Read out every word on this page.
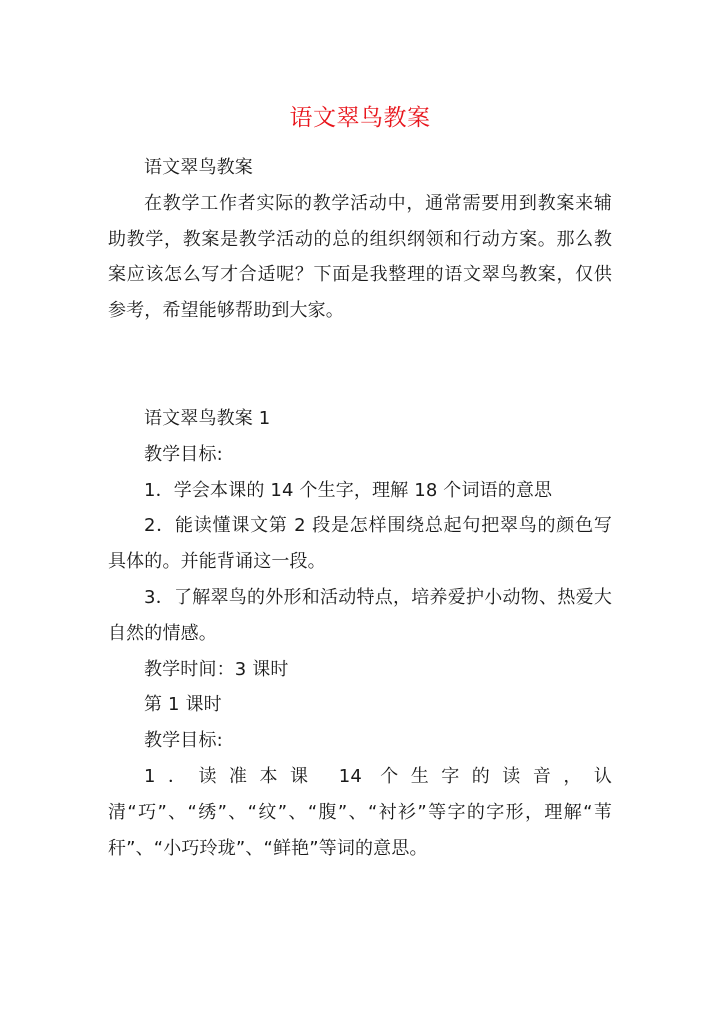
语文翠鸟教案

语文翠鸟教案

在教学工作者实际的教学活动中，通常需要用到教案来辅助教学，教案是教学活动的总的组织纲领和行动方案。那么教案应该怎么写才合适呢？下面是我整理的语文翠鸟教案，仅供参考，希望能够帮助到大家。

语文翠鸟教案 1

教学目标:

1．学会本课的 14 个生字，理解 18 个词语的意思

2．能读懂课文第 2 段是怎样围绕总起句把翠鸟的颜色写具体的。并能背诵这一段。

3．了解翠鸟的外形和活动特点，培养爱护小动物、热爱大自然的情感。

教学时间：3 课时

第 1 课时

教学目标:

1．读准本课 14 个生字的读音，认清“巧”、“绣”、“纹”、“腹”、“衬衫”等字的字形，理解“苇秆”、“小巧玲珑”、“鲜艳”等词的意思。
